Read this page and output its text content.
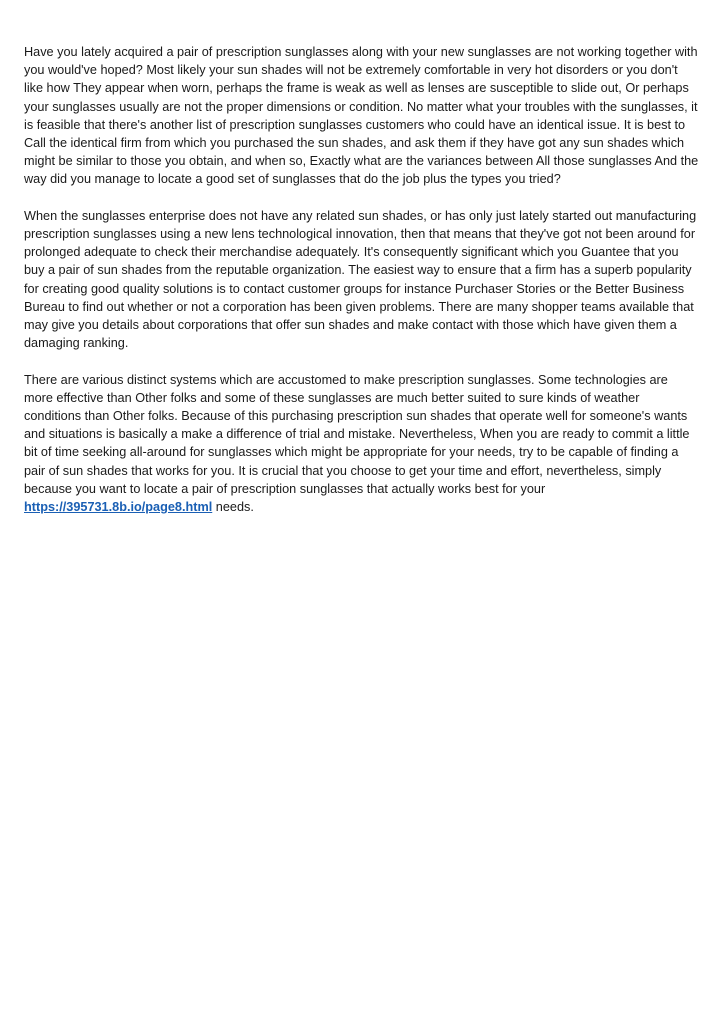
Have you lately acquired a pair of prescription sunglasses along with your new sunglasses are not working together with you would've hoped? Most likely your sun shades will not be extremely comfortable in very hot disorders or you don't like how They appear when worn, perhaps the frame is weak as well as lenses are susceptible to slide out, Or perhaps your sunglasses usually are not the proper dimensions or condition. No matter what your troubles with the sunglasses, it is feasible that there's another list of prescription sunglasses customers who could have an identical issue. It is best to Call the identical firm from which you purchased the sun shades, and ask them if they have got any sun shades which might be similar to those you obtain, and when so, Exactly what are the variances between All those sunglasses And the way did you manage to locate a good set of sunglasses that do the job plus the types you tried?

When the sunglasses enterprise does not have any related sun shades, or has only just lately started out manufacturing prescription sunglasses using a new lens technological innovation, then that means that they've got not been around for prolonged adequate to check their merchandise adequately. It's consequently significant which you Guantee that you buy a pair of sun shades from the reputable organization. The easiest way to ensure that a firm has a superb popularity for creating good quality solutions is to contact customer groups for instance Purchaser Stories or the Better Business Bureau to find out whether or not a corporation has been given problems. There are many shopper teams available that may give you details about corporations that offer sun shades and make contact with those which have given them a damaging ranking.

There are various distinct systems which are accustomed to make prescription sunglasses. Some technologies are more effective than Other folks and some of these sunglasses are much better suited to sure kinds of weather conditions than Other folks. Because of this purchasing prescription sun shades that operate well for someone's wants and situations is basically a make a difference of trial and mistake. Nevertheless, When you are ready to commit a little bit of time seeking all-around for sunglasses which might be appropriate for your needs, try to be capable of finding a pair of sun shades that works for you. It is crucial that you choose to get your time and effort, nevertheless, simply because you want to locate a pair of prescription sunglasses that actually works best for your https://395731.8b.io/page8.html needs.
